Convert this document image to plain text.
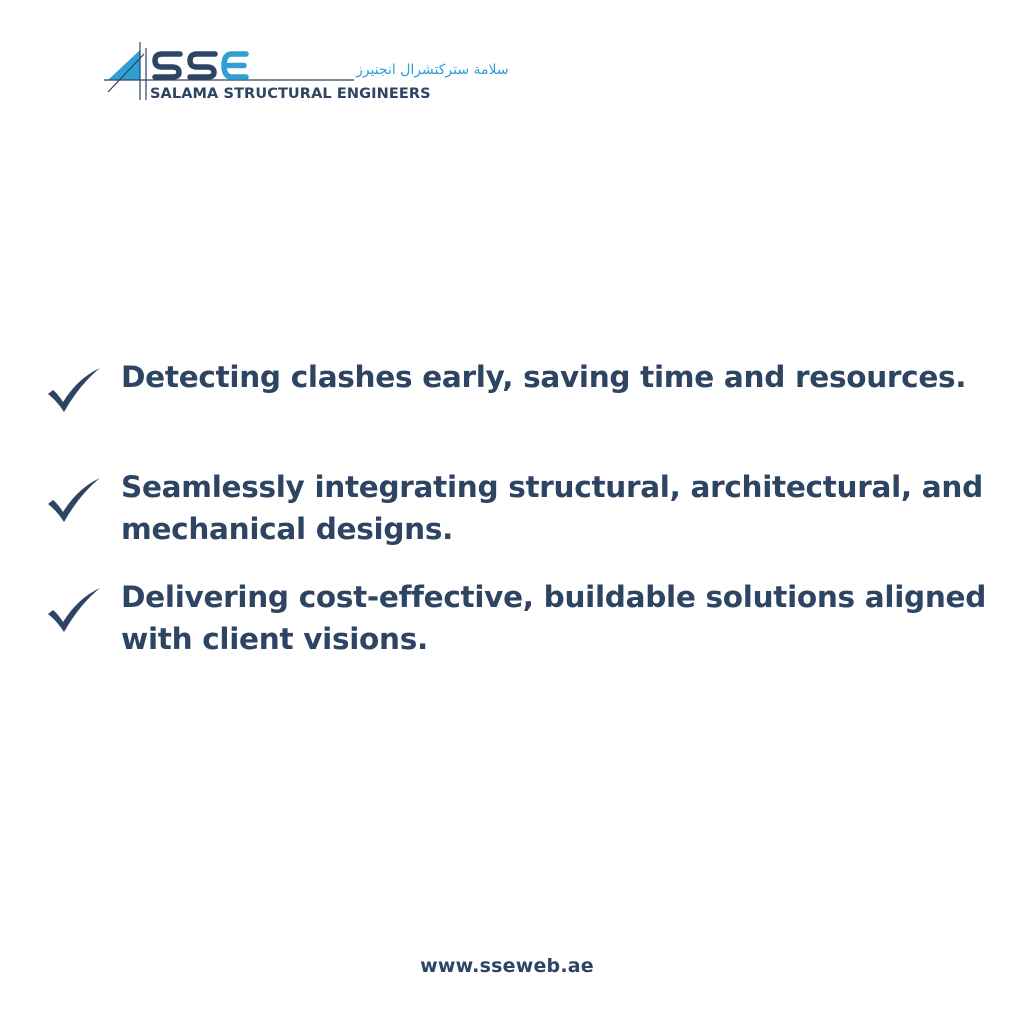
سلامة ستركتشرال انجنيرز
SALAMA STRUCTURAL ENGINEERS
Detecting clashes early, saving time and resources.
Seamlessly integrating structural, architectural, and mechanical designs.
Delivering cost-effective, buildable solutions aligned with client visions.
www.sseweb.ae
